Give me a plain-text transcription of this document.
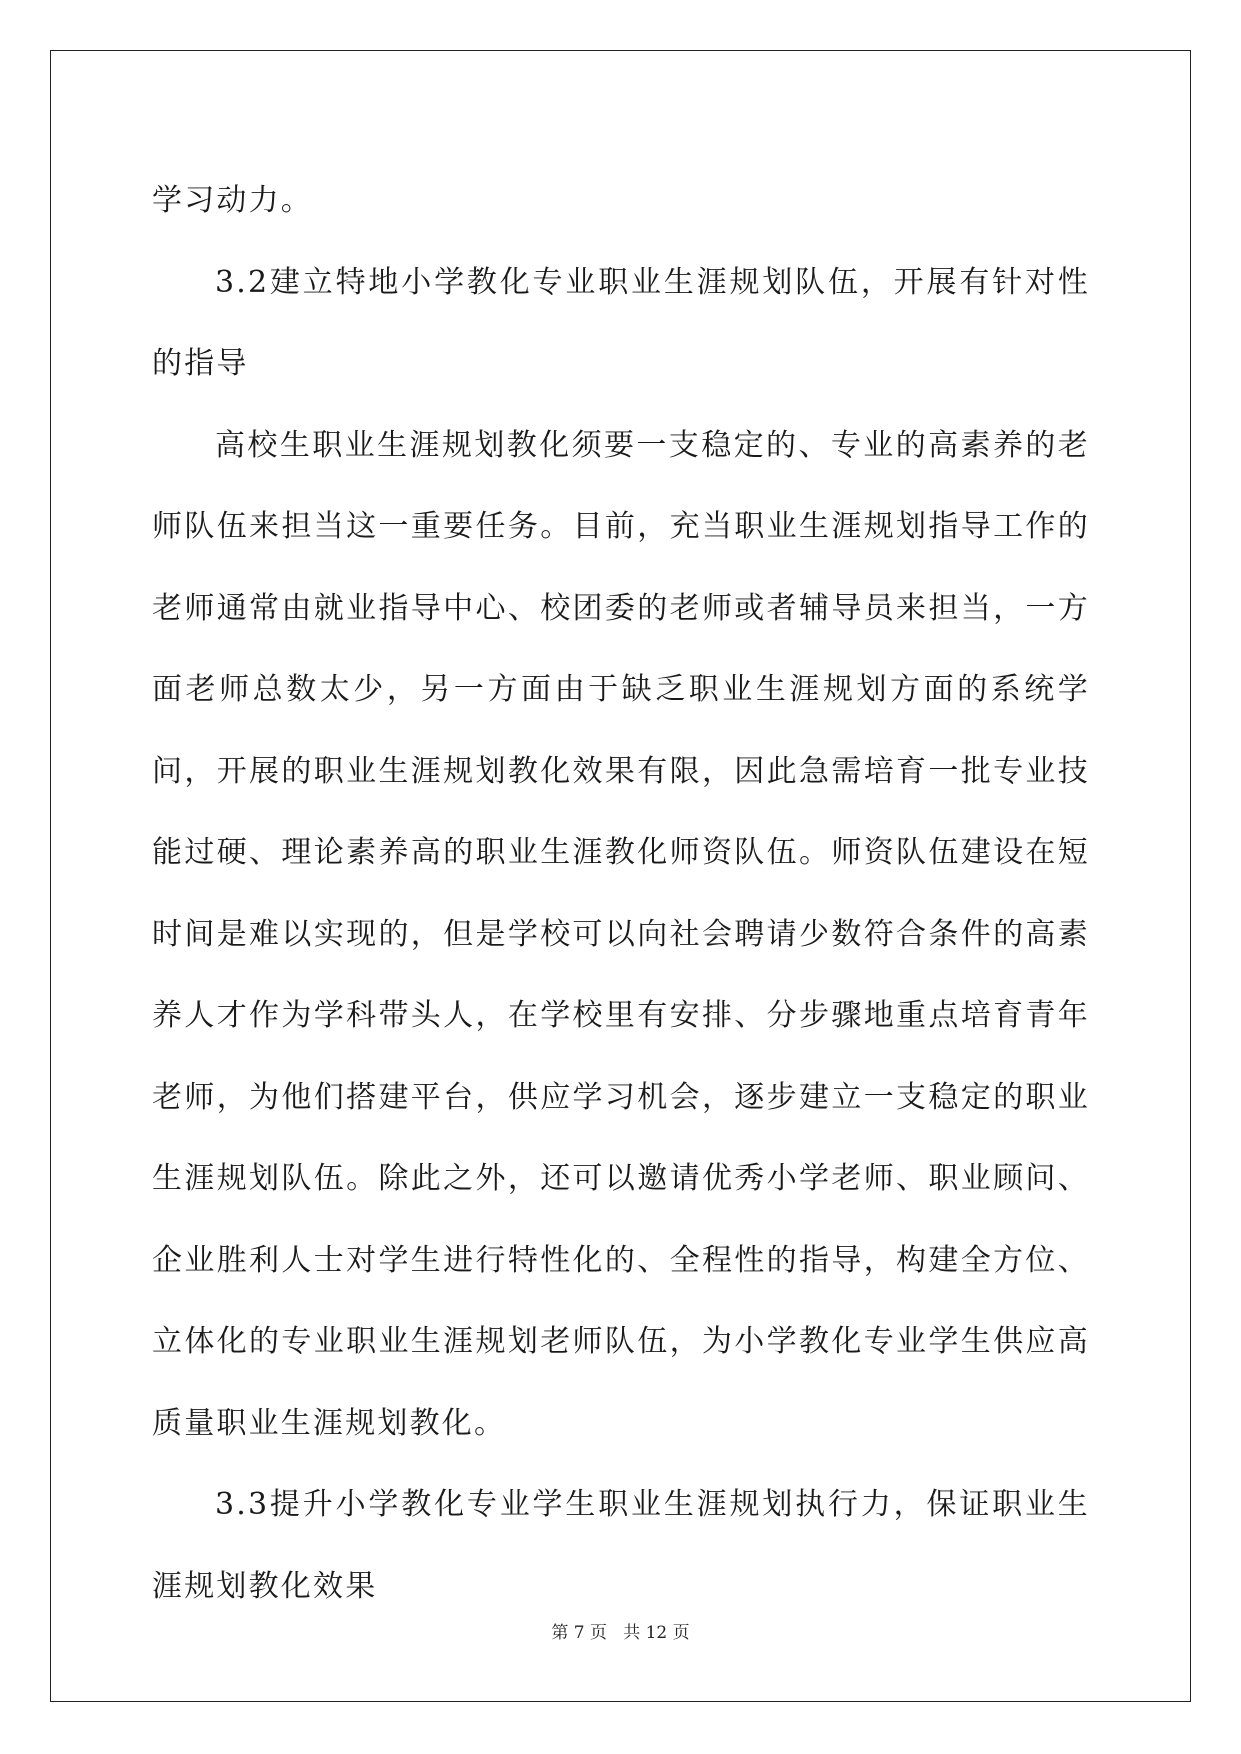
学习动力。

3.2建立特地小学教化专业职业生涯规划队伍，开展有针对性的指导

高校生职业生涯规划教化须要一支稳定的、专业的高素养的老师队伍来担当这一重要任务。目前，充当职业生涯规划指导工作的老师通常由就业指导中心、校团委的老师或者辅导员来担当，一方面老师总数太少，另一方面由于缺乏职业生涯规划方面的系统学问，开展的职业生涯规划教化效果有限，因此急需培育一批专业技能过硬、理论素养高的职业生涯教化师资队伍。师资队伍建设在短时间是难以实现的，但是学校可以向社会聘请少数符合条件的高素养人才作为学科带头人，在学校里有安排、分步骤地重点培育青年老师，为他们搭建平台，供应学习机会，逐步建立一支稳定的职业生涯规划队伍。除此之外，还可以邀请优秀小学老师、职业顾问、企业胜利人士对学生进行特性化的、全程性的指导，构建全方位、立体化的专业职业生涯规划老师队伍，为小学教化专业学生供应高质量职业生涯规划教化。

3.3提升小学教化专业学生职业生涯规划执行力，保证职业生涯规划教化效果

第 7 页   共 12 页
